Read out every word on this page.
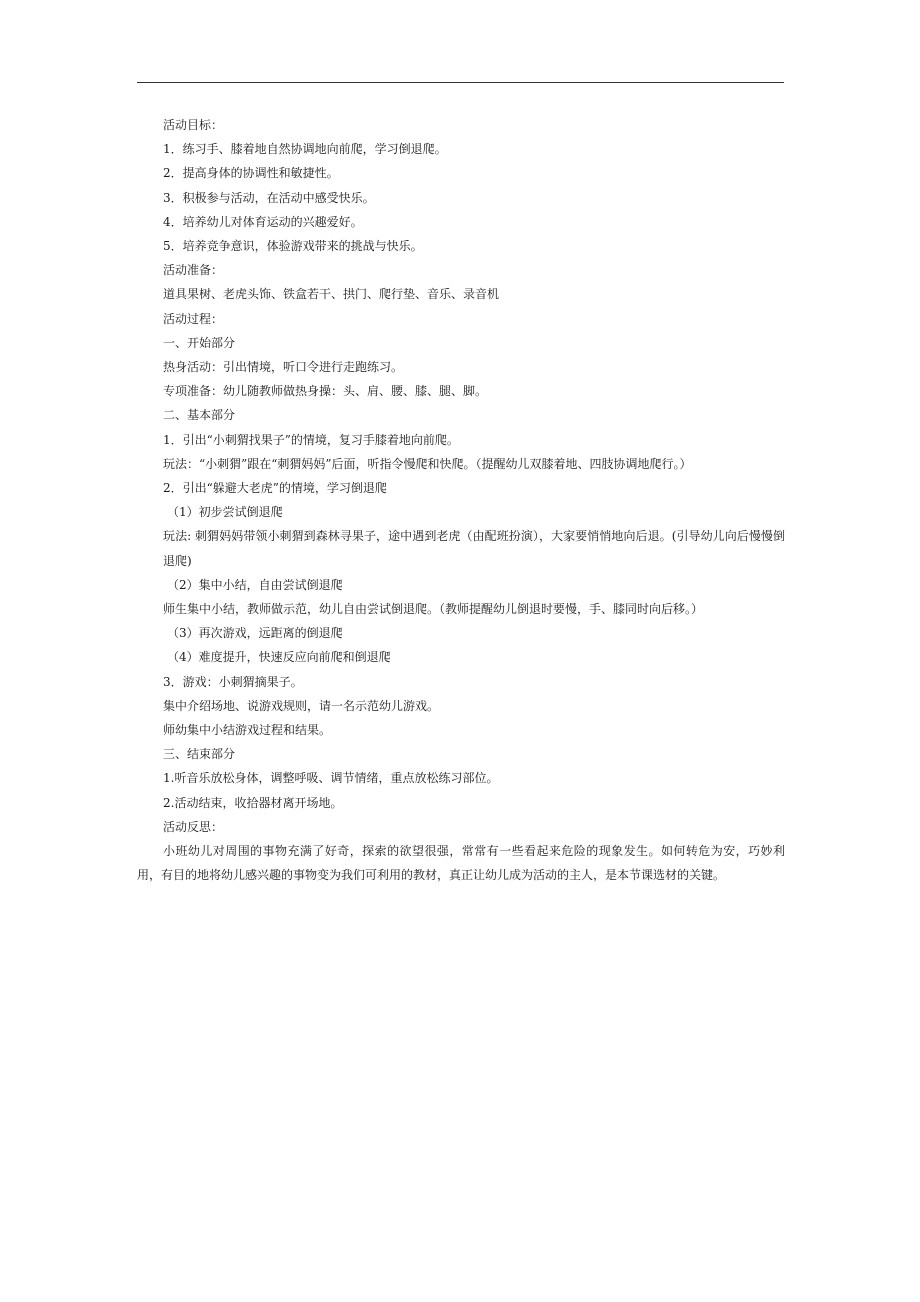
活动目标：

1．练习手、膝着地自然协调地向前爬，学习倒退爬。

2．提高身体的协调性和敏捷性。

3．积极参与活动，在活动中感受快乐。

4．培养幼儿对体育运动的兴趣爱好。

5．培养竞争意识，体验游戏带来的挑战与快乐。

活动准备：

道具果树、老虎头饰、铁盒若干、拱门、爬行垫、音乐、录音机

活动过程：

一、开始部分

热身活动：引出情境，听口令进行走跑练习。

专项准备：幼儿随教师做热身操：头、肩、腰、膝、腿、脚。

二、基本部分

1．引出“小刺猬找果子”的情境，复习手膝着地向前爬。

玩法：“小刺猬”跟在“刺猬妈妈”后面，听指令慢爬和快爬。（提醒幼儿双膝着地、四肢协调地爬行。）

2．引出“躲避大老虎”的情境，学习倒退爬

（1）初步尝试倒退爬

玩法: 刺猬妈妈带领小刺猬到森林寻果子，途中遇到老虎（由配班扮演），大家要悄悄地向后退。(引导幼儿向后慢慢倒退爬)

（2）集中小结，自由尝试倒退爬

师生集中小结，教师做示范，幼儿自由尝试倒退爬。（教师提醒幼儿倒退时要慢，手、膝同时向后移。）

（3）再次游戏，远距离的倒退爬

（4）难度提升，快速反应向前爬和倒退爬

3．游戏：小刺猬摘果子。

集中介绍场地、说游戏规则，请一名示范幼儿游戏。

师幼集中小结游戏过程和结果。

三、结束部分

1.听音乐放松身体，调整呼吸、调节情绪，重点放松练习部位。

2.活动结束，收拾器材离开场地。

活动反思：

小班幼儿对周围的事物充满了好奇，探索的欲望很强，常常有一些看起来危险的现象发生。如何转危为安，巧妙利用，有目的地将幼儿感兴趣的事物变为我们可利用的教材，真正让幼儿成为活动的主人，是本节课选材的关键。
